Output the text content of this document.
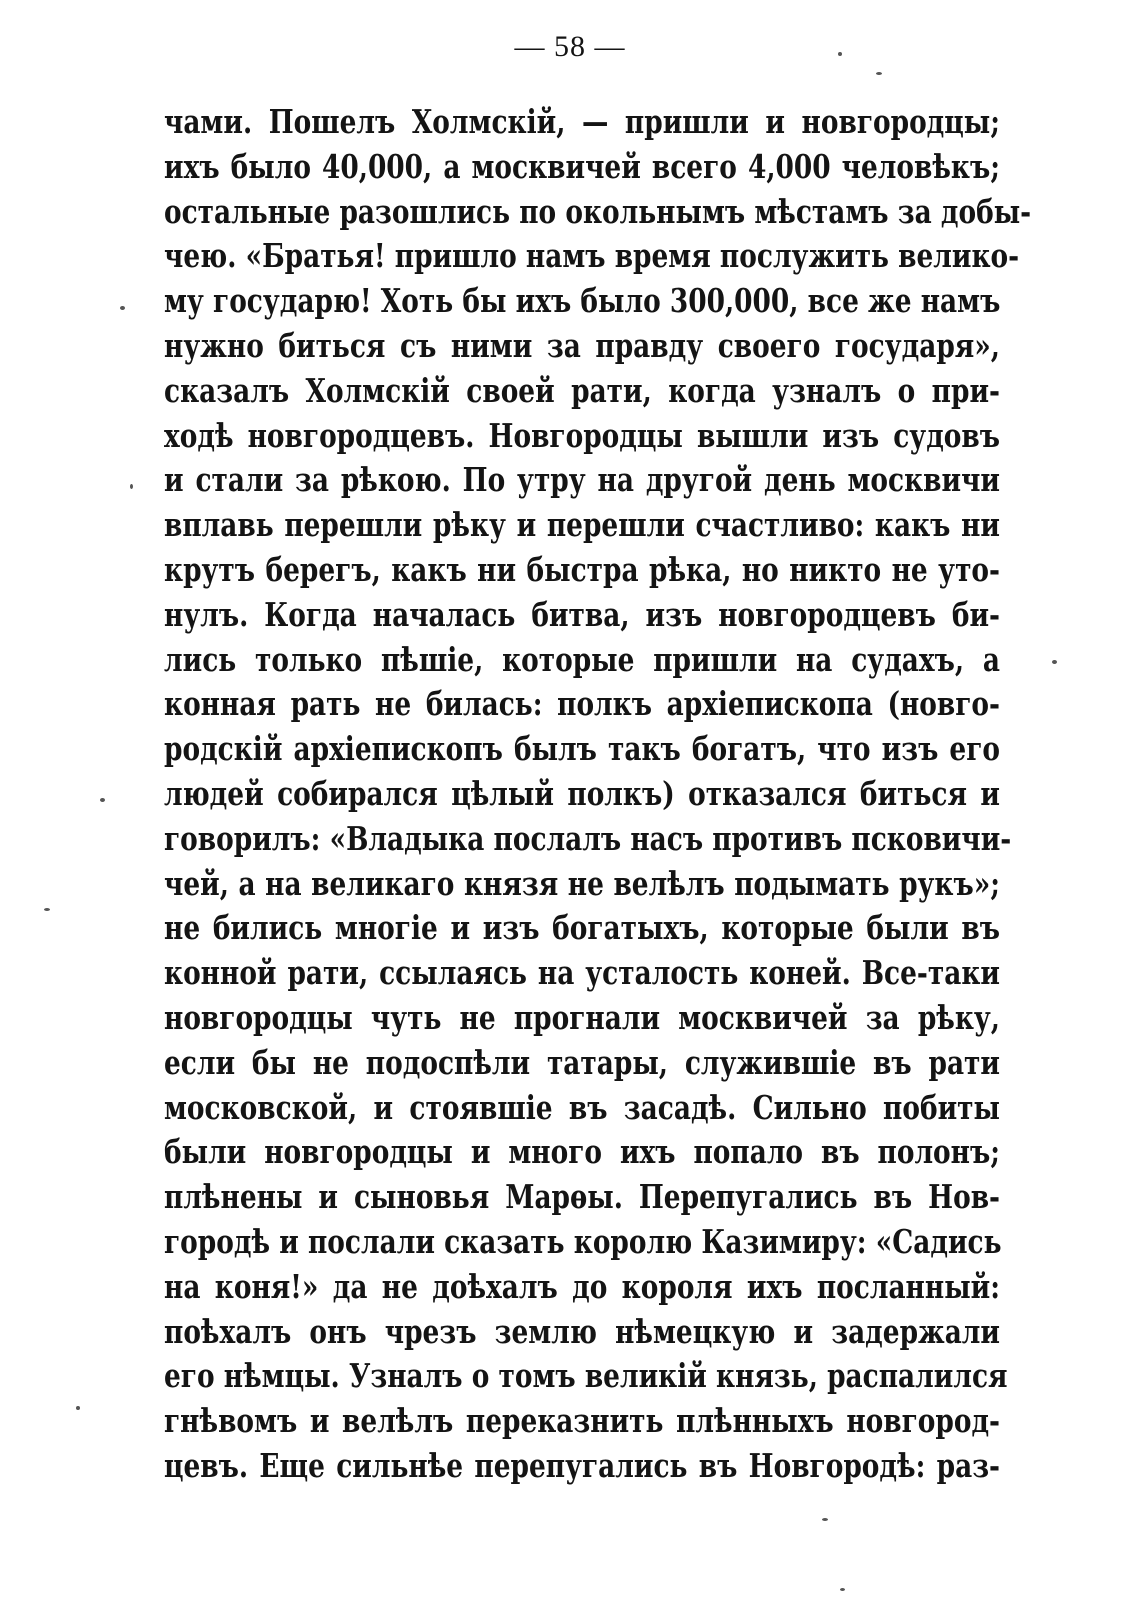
— 58 —
чами. Пошелъ Холмскій, — пришли и новгородцы;
ихъ было 40,000, а москвичей всего 4,000 человѣкъ;
остальные разошлись по окольнымъ мѣстамъ за добы-
чею. «Братья! пришло намъ время послужить велико-
му государю! Хоть бы ихъ было 300,000, все же намъ
нужно биться съ ними за правду своего государя»,
сказалъ Холмскій своей рати, когда узналъ о при-
ходѣ новгородцевъ. Новгородцы вышли изъ судовъ
и стали за рѣкою. По утру на другой день москвичи
вплавь перешли рѣку и перешли счастливо: какъ ни
крутъ берегъ, какъ ни быстра рѣка, но никто не уто-
нулъ. Когда началась битва, изъ новгородцевъ би-
лись только пѣшіе, которые пришли на судахъ, а
конная рать не билась: полкъ архіепископа (новго-
родскій архіепископъ былъ такъ богатъ, что изъ его
людей собирался цѣлый полкъ) отказался биться и
говорилъ: «Владыка послалъ насъ противъ псковичи-
чей, а на великаго князя не велѣлъ подымать рукъ»;
не бились многіе и изъ богатыхъ, которые были въ
конной рати, ссылаясь на усталость коней. Все-таки
новгородцы чуть не прогнали москвичей за рѣку,
если бы не подоспѣли татары, служившіе въ рати
московской, и стоявшіе въ засадѣ. Сильно побиты
были новгородцы и много ихъ попало въ полонъ;
плѣнены и сыновья Марѳы. Перепугались въ Нов-
городѣ и послали сказать королю Казимиру: «Садись
на коня!» да не доѣхалъ до короля ихъ посланный:
поѣхалъ онъ чрезъ землю нѣмецкую и задержали
его нѣмцы. Узналъ о томъ великій князь, распалился
гнѣвомъ и велѣлъ переказнить плѣнныхъ новгород-
цевъ. Еще сильнѣе перепугались въ Новгородѣ: раз-
